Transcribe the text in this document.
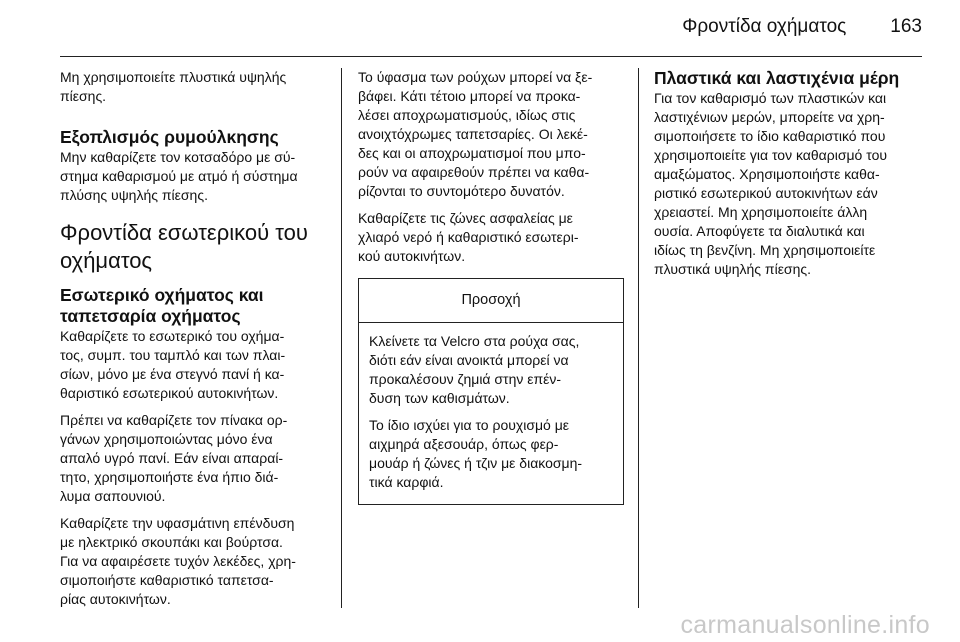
Φροντίδα οχήματος 163

Μη χρησιμοποιείτε πλυστικά υψηλής
πίεσης.

Εξοπλισμός ρυμούλκησης

Μην καθαρίζετε τον κοτσαδόρο με σύ-
στημα καθαρισμού με ατμό ή σύστημα
πλύσης υψηλής πίεσης.

Φροντίδα εσωτερικού του
οχήματος
Εσωτερικό οχήματος και
ταπετσαρία οχήματος

Καθαρίζετε το εσωτερικό του οχήμα-
τος, συμπ. του ταμπλό και των πλαι-
σίων, μόνο με ένα στεγνό πανί ή κα-
θαριστικό εσωτερικού αυτοκινήτων.

Πρέπει να καθαρίζετε τον πίνακα ορ-
γάνων χρησιμοποιώντας μόνο ένα
απαλό υγρό πανί. Εάν είναι απαραί-
τητο, χρησιμοποιήστε ένα ήπιο διά-
λυμα σαπουνιού.

Καθαρίζετε την υφασμάτινη επένδυση
με ηλεκτρικό σκουπάκι και βούρτσα.
Για να αφαιρέσετε τυχόν λεκέδες, χρη-
σιμοποιήστε καθαριστικό ταπετσα-
ρίας αυτοκινήτων.

Το ύφασμα των ρούχων μπορεί να ξε-
βάφει. Κάτι τέτοιο μπορεί να προκα-
λέσει αποχρωματισμούς, ιδίως στις
ανοιχτόχρωμες ταπετσαρίες. Οι λεκέ-
δες και οι αποχρωματισμοί που μπο-
ρούν να αφαιρεθούν πρέπει να καθα-
ρίζονται το συντομότερο δυνατόν.

Καθαρίζετε τις ζώνες ασφαλείας με
χλιαρό νερό ή καθαριστικό εσωτερι-
κού αυτοκινήτων.

Προσοχή

Κλείνετε τα Velcro στα ρούχα σας,
διότι εάν είναι ανοικτά μπορεί να
προκαλέσουν ζημιά στην επέν-
δυση των καθισμάτων.

Το ίδιο ισχύει για το ρουχισμό με
αιχμηρά αξεσουάρ, όπως φερ-
μουάρ ή ζώνες ή τζιν με διακοσμη-
τικά καρφιά.

Πλαστικά και λαστιχένια μέρη

Για τον καθαρισμό των πλαστικών και
λαστιχένιων μερών, μπορείτε να χρη-
σιμοποιήσετε το ίδιο καθαριστικό που
χρησιμοποιείτε για τον καθαρισμό του
αμαξώματος. Χρησιμοποιήστε καθα-
ριστικό εσωτερικού αυτοκινήτων εάν
χρειαστεί. Μη χρησιμοποιείτε άλλη
ουσία. Αποφύγετε τα διαλυτικά και
ιδίως τη βενζίνη. Μη χρησιμοποιείτε
πλυστικά υψηλής πίεσης.

carmanualsonline.info
